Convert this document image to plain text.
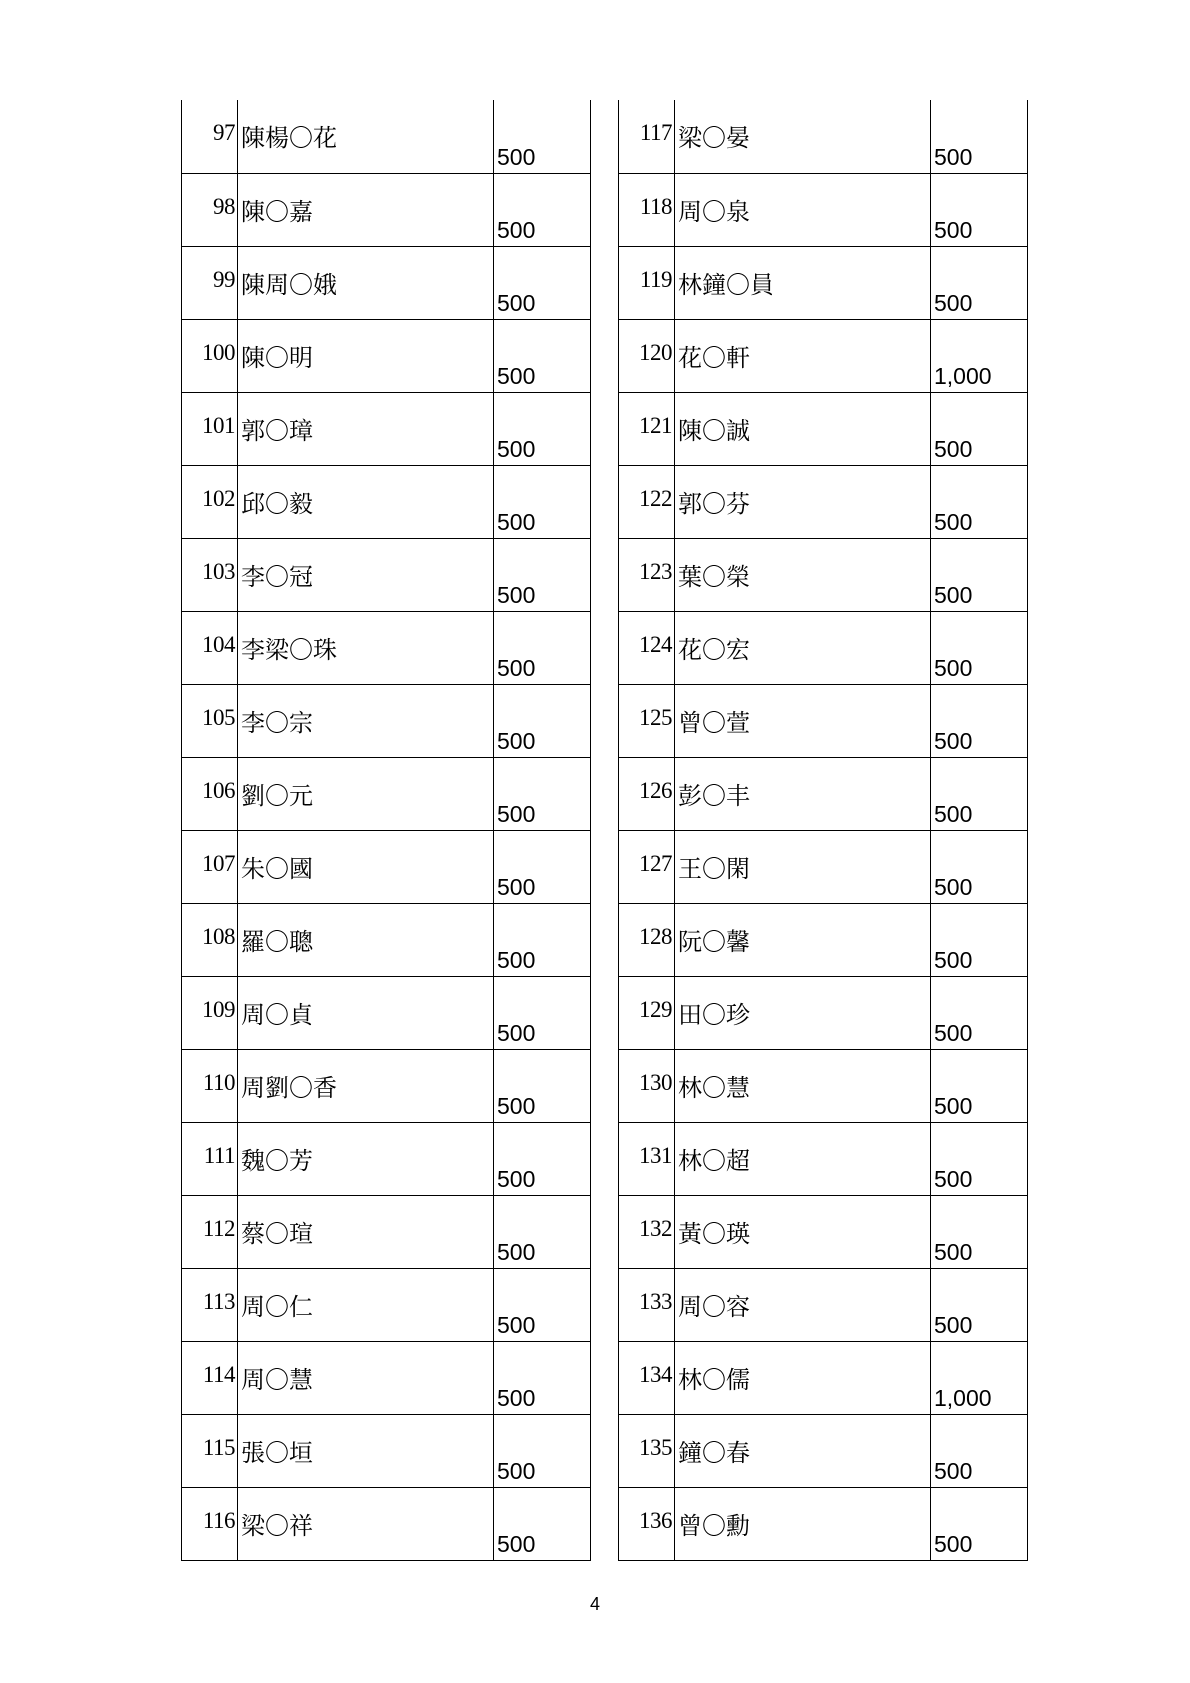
97	陳楊〇花	500

98	陳〇嘉	500

99	陳周〇娥	500

100	陳〇明	500

101	郭〇璋	500

102	邱〇毅	500

103	李〇冠	500

104	李梁〇珠	500

105	李〇宗	500

106	劉〇元	500

107	朱〇國	500

108	羅〇聰	500

109	周〇貞	500

110	周劉〇香	500

111	魏〇芳	500

112	蔡〇瑄	500

113	周〇仁	500

114	周〇慧	500

115	張〇垣	500

116	梁〇祥	500
117	梁〇晏	500

118	周〇泉	500

119	林鐘〇員	500

120	花〇軒	1,000

121	陳〇誠	500

122	郭〇芬	500

123	葉〇榮	500

124	花〇宏	500

125	曾〇萱	500

126	彭〇丰	500

127	王〇閑	500

128	阮〇馨	500

129	田〇珍	500

130	林〇慧	500

131	林〇超	500

132	黃〇瑛	500

133	周〇容	500

134	林〇儒	1,000

135	鐘〇春	500

136	曾〇勳	500
4
